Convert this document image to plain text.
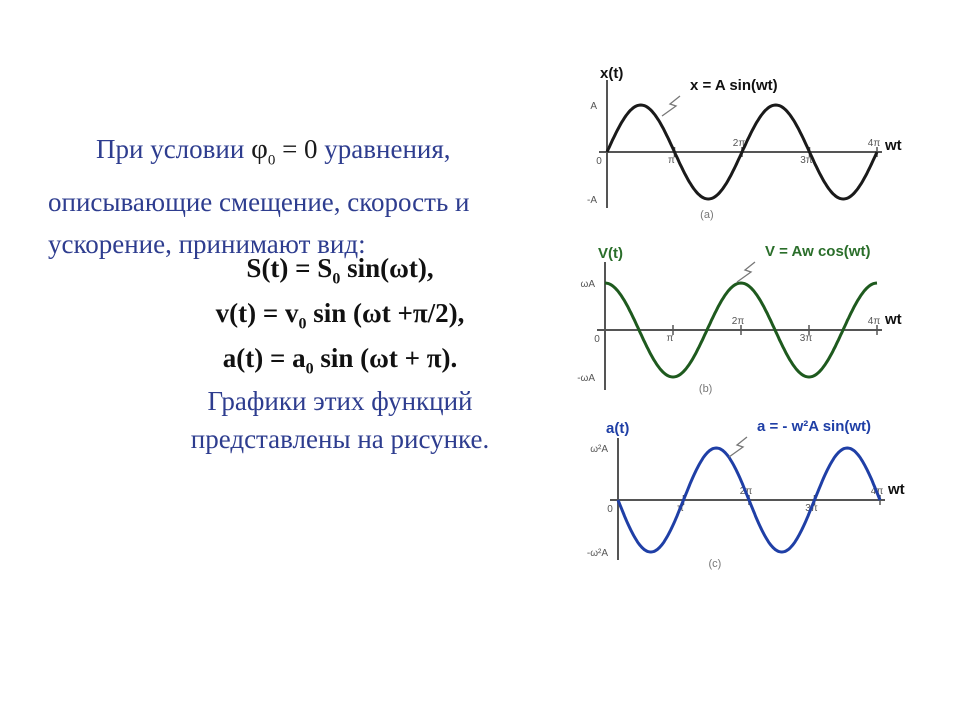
При условии $\varphi_0 = 0$ уравнения,
описывающие смещение, скорость и
ускорение, принимают вид:
$S(t) = S_0$ sin(ωt),
$v(t) = v_0$ sin (ωt +π/2),
$a(t) = a_0$ sin (ωt + π).
Графики этих функций
представлены на рисунке.
0	π
2π
3π
4π
A
-A
x(t)
wt
x = A sin(wt)
(a)
0	π
2π
3π
4π
ωA
-ωA
V(t)
wt
V = Aw cos(wt)
(b)
0	π
2π
3π
4π
ω²A
-ω²A
a(t)
wt
a = - w²A sin(wt)
(c)
